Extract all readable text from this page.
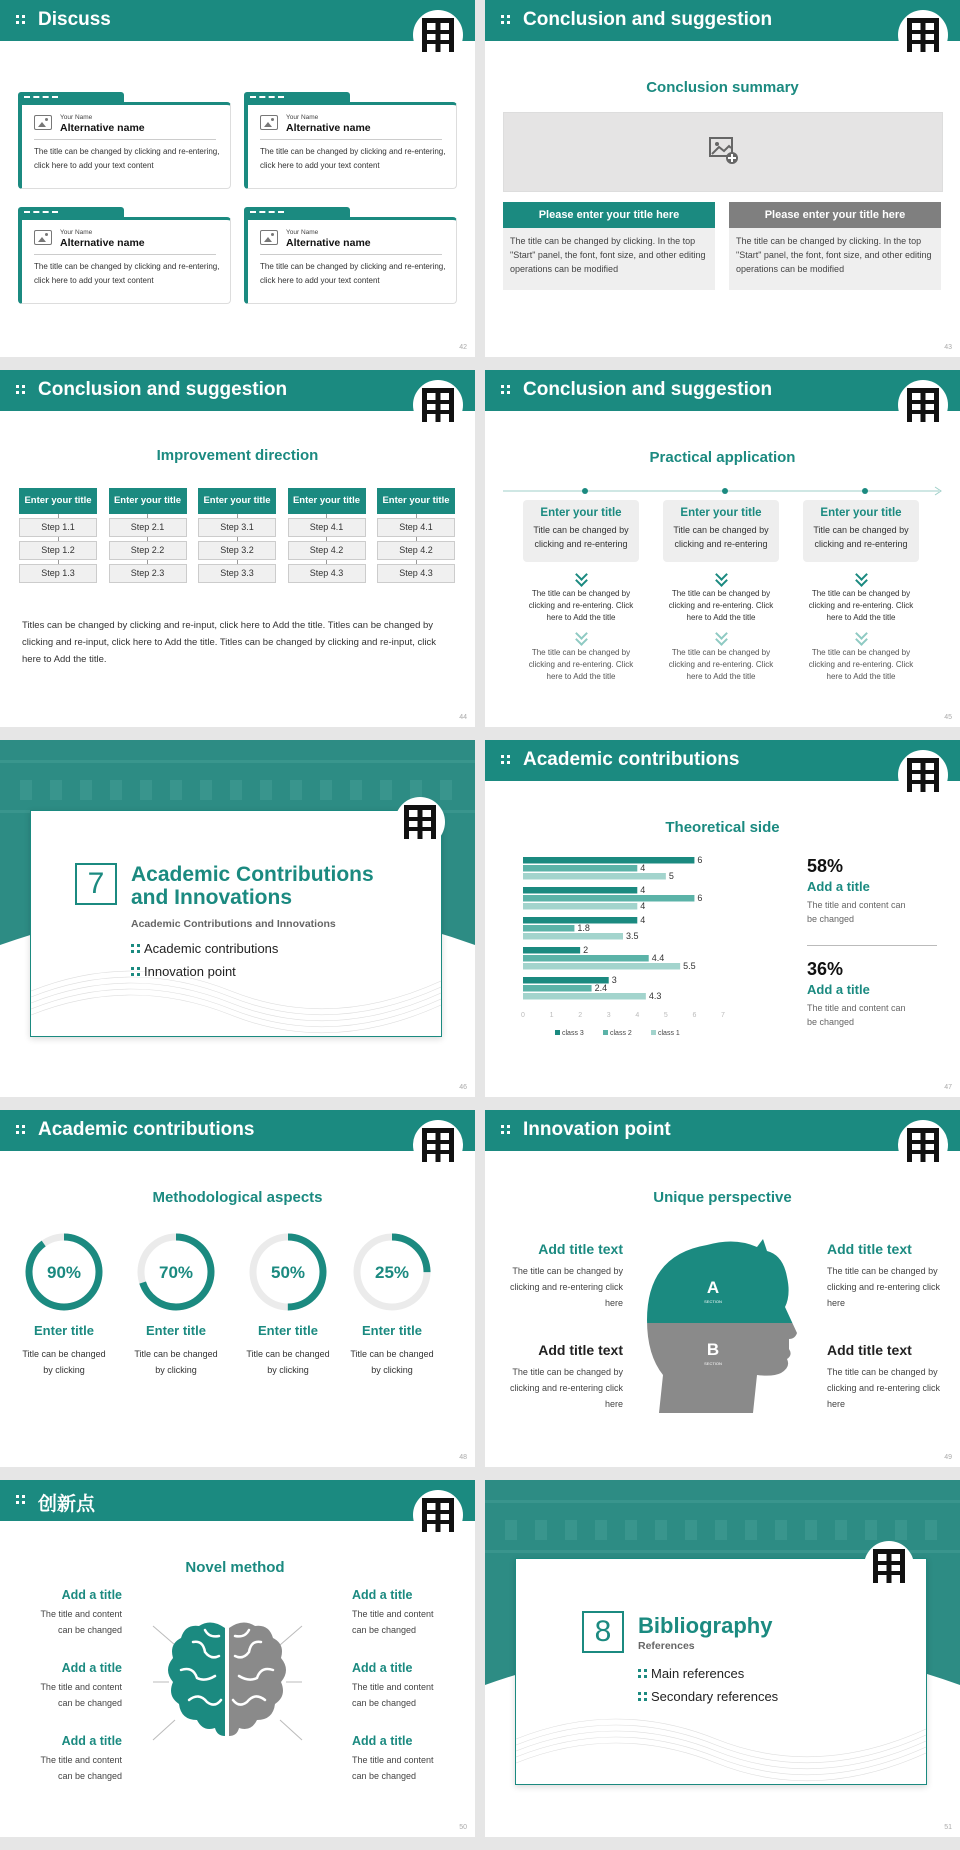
Discuss
Your Name
Alternative name
The title can be changed by clicking and re-entering, click here to add your text content
Your Name
Alternative name
The title can be changed by clicking and re-entering, click here to add your text content
Your Name
Alternative name
The title can be changed by clicking and re-entering, click here to add your text content
Your Name
Alternative name
The title can be changed by clicking and re-entering, click here to add your text content
42
Conclusion and suggestion
Conclusion summary
Please enter your title here
The title can be changed by clicking. In the top "Start" panel, the font, font size, and other editing operations can be modified
Please enter your title here
The title can be changed by clicking. In the top "Start" panel, the font, font size, and other editing operations can be modified
43
Conclusion and suggestion
Improvement direction
Enter your title
Step 1.1
Step 1.2
Step 1.3
Enter your title
Step 2.1
Step 2.2
Step 2.3
Enter your title
Step 3.1
Step 3.2
Step 3.3
Enter your title
Step 4.1
Step 4.2
Step 4.3
Enter your title
Step 4.1
Step 4.2
Step 4.3
Titles can be changed by clicking and re-input, click here to Add the title. Titles can be changed by clicking and re-input, click here to Add the title. Titles can be changed by clicking and re-input, click here to Add the title.
44
Conclusion and suggestion
Practical application
Enter your title
Title can be changed by clicking and re-entering
The title can be changed by clicking and re-entering. Click here to Add the title
The title can be changed by clicking and re-entering. Click here to Add the title
Enter your title
Title can be changed by clicking and re-entering
The title can be changed by clicking and re-entering. Click here to Add the title
The title can be changed by clicking and re-entering. Click here to Add the title
Enter your title
Title can be changed by clicking and re-entering
The title can be changed by clicking and re-entering. Click here to Add the title
The title can be changed by clicking and re-entering. Click here to Add the title
45
7	Academic Contributions and Innovations
Academic Contributions and Innovations
Academic contributions
Innovation point
46
Academic contributions
Theoretical side
6
4
5
4
6
4
4
1.8
3.5
2
4.4
5.5
3
2.4
4.3
0	1	2	3	4	5	6	7
class 3	class 2	class 1
58%
Add a title
The title and content can be changed
36%
Add a title
The title and content can be changed
47
Academic contributions
Methodological aspects
90%
Enter title
Title can be changed by clicking
70%
Enter title
Title can be changed by clicking
50%
Enter title
Title can be changed by clicking
25%
Enter title
Title can be changed by clicking
48
Innovation point
Unique perspective
Add title text
The title can be changed by clicking and re-entering click here
Add title text
The title can be changed by clicking and re-entering click here
Add title text
The title can be changed by clicking and re-entering click here
Add title text
The title can be changed by clicking and re-entering click here
A
SECTION
B
SECTION
49
创新点
Novel method
Add a title
The title and content can be changed
Add a title
The title and content can be changed
Add a title
The title and content can be changed
Add a title
The title and content can be changed
Add a title
The title and content can be changed
Add a title
The title and content can be changed
50
8	Bibliography
References
Main references
Secondary references
51
